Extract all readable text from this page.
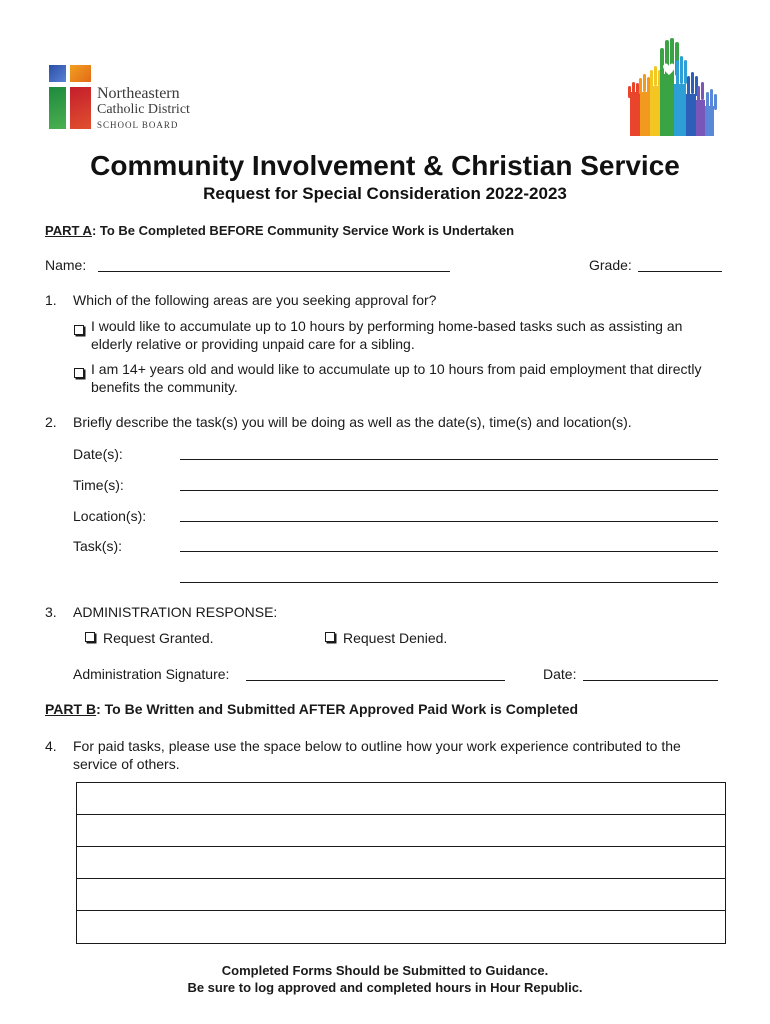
Northeastern
Catholic District
SCHOOL BOARD
Community Involvement & Christian Service
Request for Special Consideration 2022-2023
PART A: To Be Completed BEFORE Community Service Work is Undertaken
Name:	Grade:
1. Which of the following areas are you seeking approval for?
I would like to accumulate up to 10 hours by performing home-based tasks such as assisting an elderly relative or providing unpaid care for a sibling.
I am 14+ years old and would like to accumulate up to 10 hours from paid employment that directly benefits the community.
2. Briefly describe the task(s) you will be doing as well as the date(s), time(s) and location(s).
Date(s):
Time(s):
Location(s):
Task(s):
3. ADMINISTRATION RESPONSE:
Request Granted.	Request Denied.
Administration Signature:	Date:
PART B: To Be Written and Submitted AFTER Approved Paid Work is Completed
4. For paid tasks, please use the space below to outline how your work experience contributed to the service of others.
Completed Forms Should be Submitted to Guidance.
Be sure to log approved and completed hours in Hour Republic.
